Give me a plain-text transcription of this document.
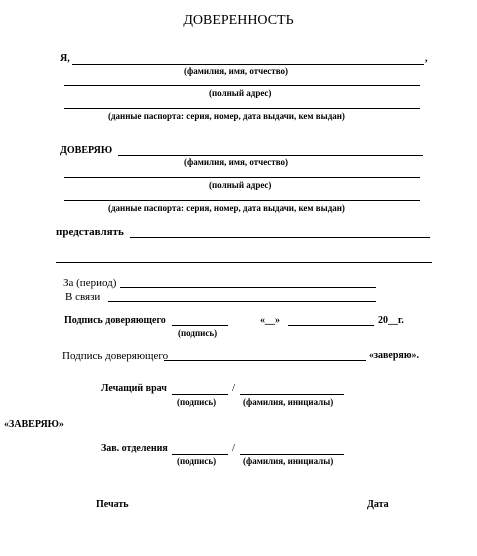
ДОВЕРЕННОСТЬ
Я,	,
(фамилия, имя, отчество)
(полный адрес)
(данные паспорта: серия, номер, дата выдачи, кем выдан)
ДОВЕРЯЮ
(фамилия, имя, отчество)
(полный адрес)
(данные паспорта: серия, номер, дата выдачи, кем выдан)
представлять
За (период)
В связи
Подпись доверяющего
(подпись)
«__»	20__г.
Подпись доверяющего	«заверяю».
Лечащий врач	/
(подпись)	(фамилия, инициалы)
«ЗАВЕРЯЮ»
Зав. отделения	/
(подпись)	(фамилия, инициалы)
Печать	Дата
